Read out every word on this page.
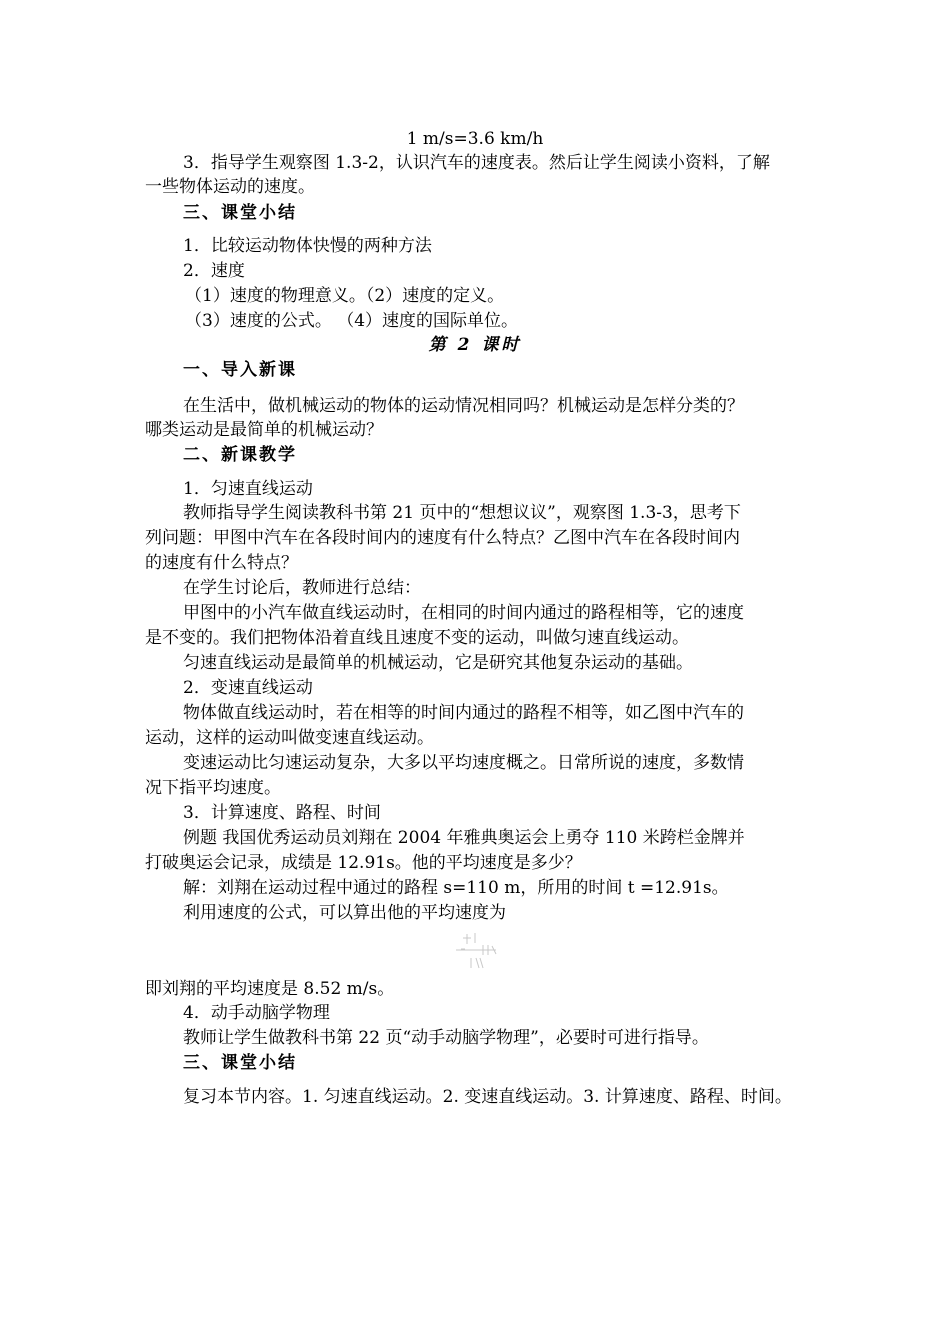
1 m/s=3.6 km/h
3．指导学生观察图 1.3-2，认识汽车的速度表。然后让学生阅读小资料，了解
一些物体运动的速度。
三、课堂小结
1．比较运动物体快慢的两种方法
2．速度
（1）速度的物理意义。（2）速度的定义。
（3）速度的公式。 （4）速度的国际单位。
第 2 课时
一、导入新课
在生活中，做机械运动的物体的运动情况相同吗？机械运动是怎样分类的？
哪类运动是最简单的机械运动？
二、新课教学
1．匀速直线运动
教师指导学生阅读教科书第 21 页中的“想想议议”，观察图 1.3-3，思考下
列问题：甲图中汽车在各段时间内的速度有什么特点？乙图中汽车在各段时间内
的速度有什么特点？
在学生讨论后，教师进行总结：
甲图中的小汽车做直线运动时，在相同的时间内通过的路程相等，它的速度
是不变的。我们把物体沿着直线且速度不变的运动，叫做匀速直线运动。
匀速直线运动是最简单的机械运动，它是研究其他复杂运动的基础。
2．变速直线运动
物体做直线运动时，若在相等的时间内通过的路程不相等，如乙图中汽车的
运动，这样的运动叫做变速直线运动。
变速运动比匀速运动复杂，大多以平均速度概之。日常所说的速度，多数情
况下指平均速度。
3．计算速度、路程、时间
例题 我国优秀运动员刘翔在 2004 年雅典奥运会上勇夺 110 米跨栏金牌并
打破奥运会记录，成绩是 12.91s。他的平均速度是多少？
解：刘翔在运动过程中通过的路程 s=110 m，所用的时间 t =12.91s。
利用速度的公式，可以算出他的平均速度为
即刘翔的平均速度是 8.52 m/s。
4．动手动脑学物理
教师让学生做教科书第 22 页“动手动脑学物理”，必要时可进行指导。
三、课堂小结
复习本节内容。1. 匀速直线运动。2. 变速直线运动。3. 计算速度、路程、时间。
